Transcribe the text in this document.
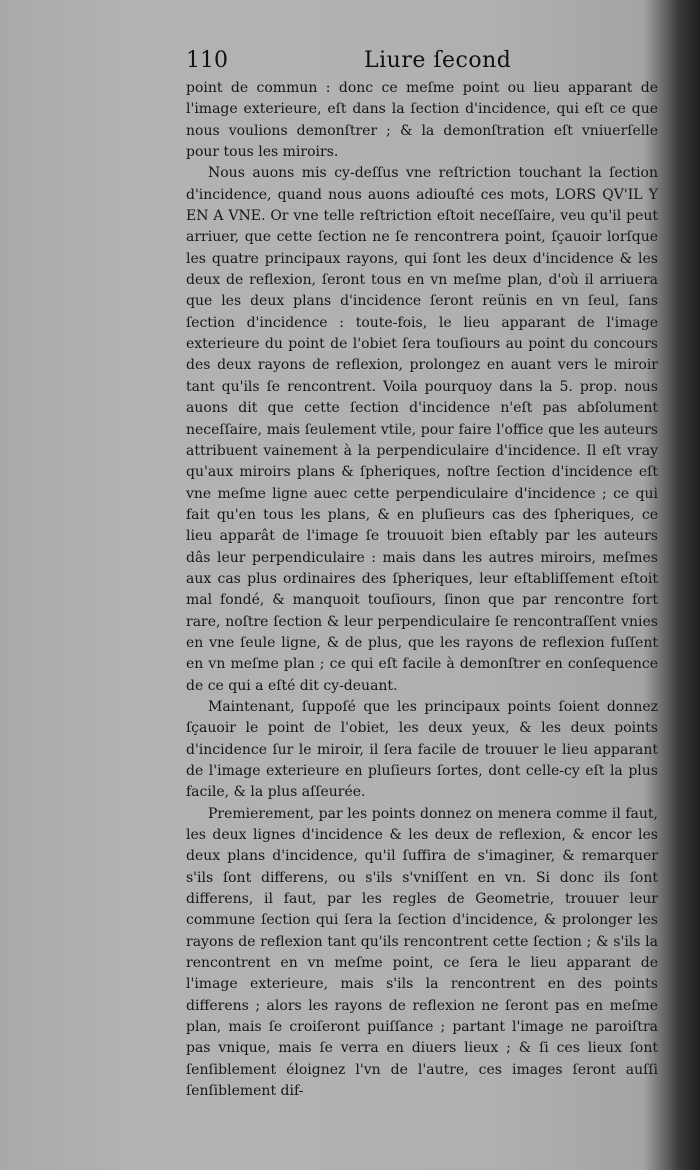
110	Liure ſecond

point de commun : donc ce meſme point ou lieu apparant de l'image exterieure, eſt dans la ſection d'incidence, qui eſt ce que nous voulions demonſtrer ; & la demonſtration eſt vniuerſelle pour tous les miroirs.

Nous auons mis cy-deſſus vne reſtriction touchant la ſection d'incidence, quand nous auons adiouſté ces mots, LORS QV'IL Y EN A VNE. Or vne telle reſtriction eſtoit neceſſaire, veu qu'il peut arriuer, que cette ſection ne ſe rencontrera point, ſçauoir lorſque les quatre principaux rayons, qui ſont les deux d'incidence & les deux de reflexion, ſeront tous en vn meſme plan, d'où il arriuera que les deux plans d'incidence ſeront reünis en vn ſeul, ſans ſection d'incidence : toute-fois, le lieu apparant de l'image exterieure du point de l'obiet ſera touſiours au point du concours des deux rayons de reflexion, prolongez en auant vers le miroir tant qu'ils ſe rencontrent. Voila pourquoy dans la 5. prop. nous auons dit que cette ſection d'incidence n'eſt pas abſolument neceſſaire, mais ſeulement vtile, pour faire l'office que les auteurs attribuent vainement à la perpendiculaire d'incidence. Il eſt vray qu'aux miroirs plans & ſpheriques, noſtre ſection d'incidence eſt vne meſme ligne auec cette perpendiculaire d'incidence ; ce qui fait qu'en tous les plans, & en pluſieurs cas des ſpheriques, ce lieu apparât de l'image ſe trouuoit bien eſtably par les auteurs dâs leur perpendiculaire : mais dans les autres miroirs, meſmes aux cas plus ordinaires des ſpheriques, leur eſtabliſſement eſtoit mal fondé, & manquoit touſiours, ſinon que par rencontre fort rare, noſtre ſection & leur perpendiculaire ſe rencontraſſent vnies en vne ſeule ligne, & de plus, que les rayons de reflexion fuſſent en vn meſme plan ; ce qui eſt facile à demonſtrer en conſequence de ce qui a eſté dit cy-deuant.

Maintenant, ſuppoſé que les principaux points ſoient donnez ſçauoir le point de l'obiet, les deux yeux, & les deux points d'incidence ſur le miroir, il ſera facile de trouuer le lieu apparant de l'image exterieure en pluſieurs ſortes, dont celle-cy eſt la plus facile, & la plus aſſeurée.

Premierement, par les points donnez on menera comme il faut, les deux lignes d'incidence & les deux de reflexion, & encor les deux plans d'incidence, qu'il ſuffira de s'imaginer, & remarquer s'ils ſont differens, ou s'ils s'vniſſent en vn. Si donc ils ſont differens, il faut, par les regles de Geometrie, trouuer leur commune ſection qui ſera la ſection d'incidence, & prolonger les rayons de reflexion tant qu'ils rencontrent cette ſection ; & s'ils la rencontrent en vn meſme point, ce ſera le lieu apparant de l'image exterieure, mais s'ils la rencontrent en des points differens ; alors les rayons de reflexion ne ſeront pas en meſme plan, mais ſe croiſeront puiſſance ; partant l'image ne paroiſtra pas vnique, mais ſe verra en diuers lieux ; & ſi ces lieux ſont ſenſiblement éloignez l'vn de l'autre, ces images ſeront auſſi ſenſiblement dif-
